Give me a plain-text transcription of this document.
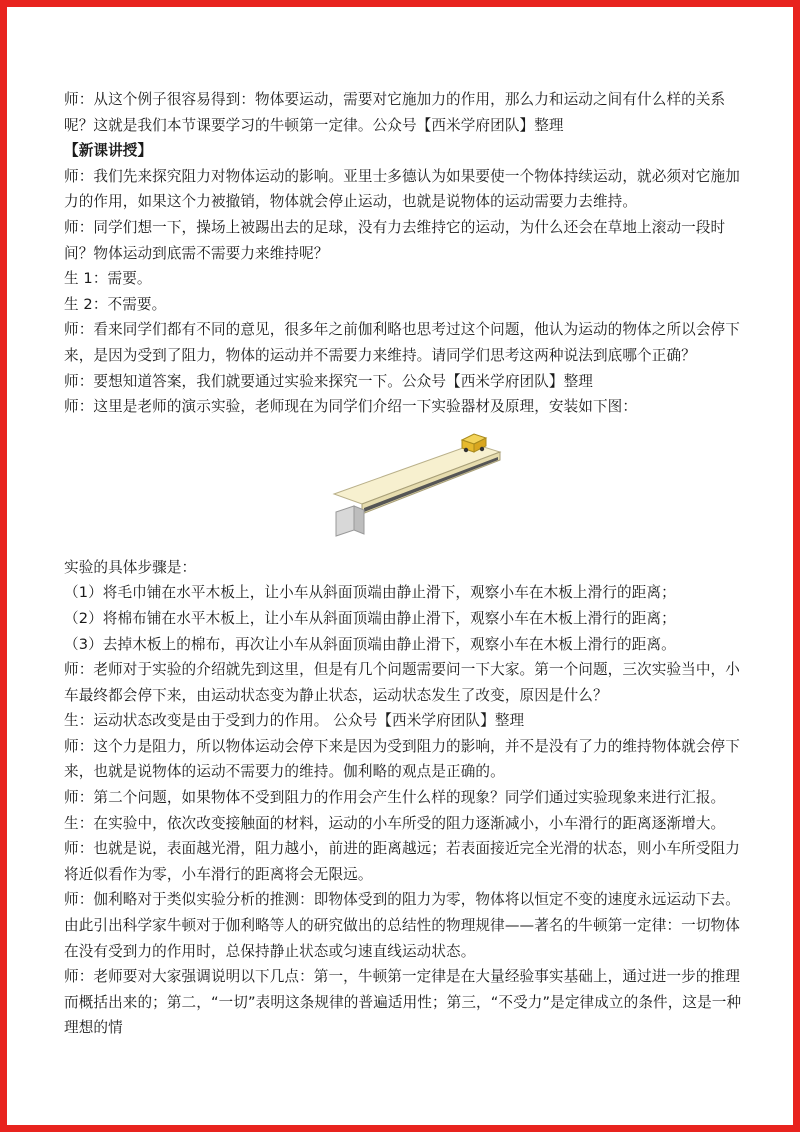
师：从这个例子很容易得到：物体要运动，需要对它施加力的作用，那么力和运动之间有什么样的关系呢？这就是我们本节课要学习的牛顿第一定律。公众号【西米学府团队】整理

【新课讲授】

师：我们先来探究阻力对物体运动的影响。亚里士多德认为如果要使一个物体持续运动，就必须对它施加力的作用，如果这个力被撤销，物体就会停止运动，也就是说物体的运动需要力去维持。

师：同学们想一下，操场上被踢出去的足球，没有力去维持它的运动，为什么还会在草地上滚动一段时间？物体运动到底需不需要力来维持呢？

生 1：需要。

生 2：不需要。

师：看来同学们都有不同的意见，很多年之前伽利略也思考过这个问题，他认为运动的物体之所以会停下来，是因为受到了阻力，物体的运动并不需要力来维持。请同学们思考这两种说法到底哪个正确？

师：要想知道答案，我们就要通过实验来探究一下。公众号【西米学府团队】整理

师：这里是老师的演示实验，老师现在为同学们介绍一下实验器材及原理，安装如下图：

实验的具体步骤是：

（1）将毛巾铺在水平木板上，让小车从斜面顶端由静止滑下，观察小车在木板上滑行的距离；

（2）将棉布铺在水平木板上，让小车从斜面顶端由静止滑下，观察小车在木板上滑行的距离；

（3）去掉木板上的棉布，再次让小车从斜面顶端由静止滑下，观察小车在木板上滑行的距离。

师：老师对于实验的介绍就先到这里，但是有几个问题需要问一下大家。第一个问题，三次实验当中，小车最终都会停下来，由运动状态变为静止状态，运动状态发生了改变，原因是什么？

生：运动状态改变是由于受到力的作用。 公众号【西米学府团队】整理

师：这个力是阻力，所以物体运动会停下来是因为受到阻力的影响，并不是没有了力的维持物体就会停下来，也就是说物体的运动不需要力的维持。伽利略的观点是正确的。

师：第二个问题，如果物体不受到阻力的作用会产生什么样的现象？同学们通过实验现象来进行汇报。

生：在实验中，依次改变接触面的材料，运动的小车所受的阻力逐渐减小，小车滑行的距离逐渐增大。

师：也就是说，表面越光滑，阻力越小，前进的距离越远；若表面接近完全光滑的状态，则小车所受阻力将近似看作为零，小车滑行的距离将会无限远。

师：伽利略对于类似实验分析的推测：即物体受到的阻力为零，物体将以恒定不变的速度永远运动下去。由此引出科学家牛顿对于伽利略等人的研究做出的总结性的物理规律——著名的牛顿第一定律：一切物体在没有受到力的作用时，总保持静止状态或匀速直线运动状态。

师：老师要对大家强调说明以下几点：第一，牛顿第一定律是在大量经验事实基础上，通过进一步的推理而概括出来的；第二，“一切”表明这条规律的普遍适用性；第三，“不受力”是定律成立的条件，这是一种理想的情
